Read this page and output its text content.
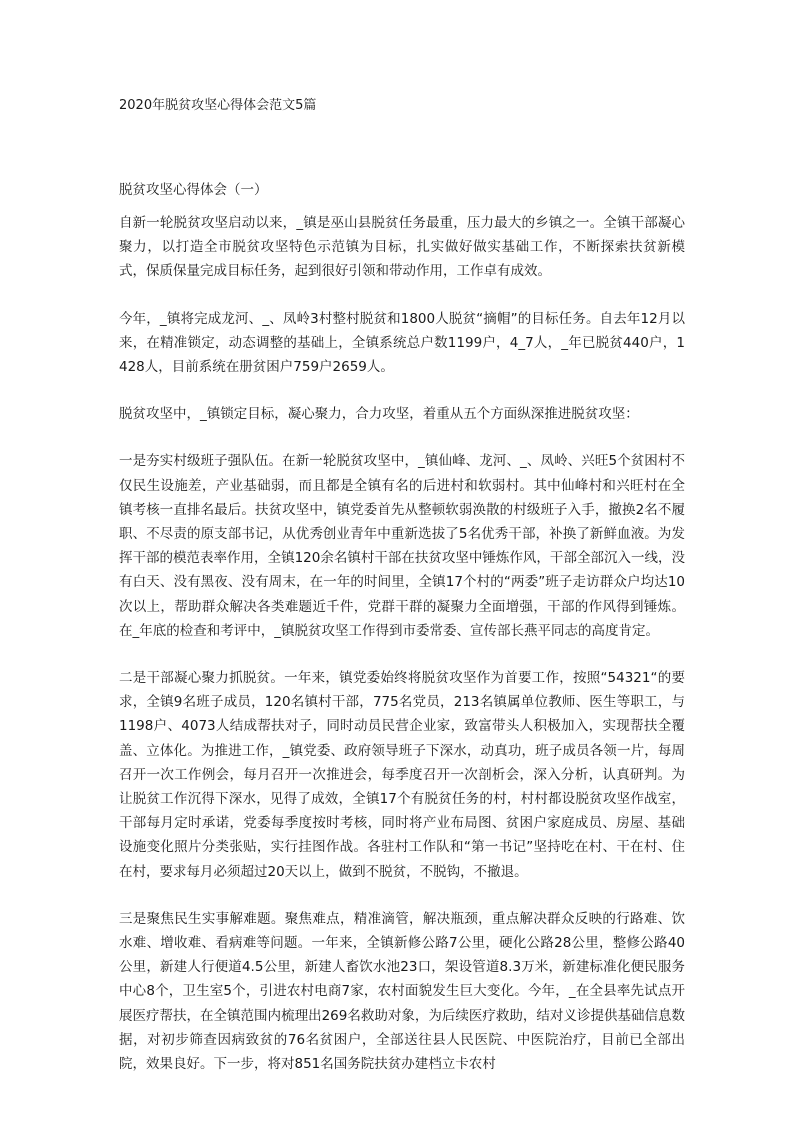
2020年脱贫攻坚心得体会范文5篇
脱贫攻坚心得体会（一）

自新一轮脱贫攻坚启动以来，_镇是巫山县脱贫任务最重，压力最大的乡镇之一。全镇干部凝心聚力，以打造全市脱贫攻坚特色示范镇为目标，扎实做好做实基础工作，不断探索扶贫新模式，保质保量完成目标任务，起到很好引领和带动作用，工作卓有成效。

今年，_镇将完成龙河、_、凤岭3村整村脱贫和1800人脱贫“摘帽”的目标任务。自去年12月以来，在精准锁定，动态调整的基础上，全镇系统总户数1199户，4_7人，_年已脱贫440户，1428人，目前系统在册贫困户759户2659人。

脱贫攻坚中，_镇锁定目标，凝心聚力，合力攻坚，着重从五个方面纵深推进脱贫攻坚：

一是夯实村级班子强队伍。在新一轮脱贫攻坚中，_镇仙峰、龙河、_、凤岭、兴旺5个贫困村不仅民生设施差，产业基础弱，而且都是全镇有名的后进村和软弱村。其中仙峰村和兴旺村在全镇考核一直排名最后。扶贫攻坚中，镇党委首先从整顿软弱涣散的村级班子入手，撤换2名不履职、不尽责的原支部书记，从优秀创业青年中重新选拔了5名优秀干部，补换了新鲜血液。为发挥干部的模范表率作用，全镇120余名镇村干部在扶贫攻坚中锤炼作风，干部全部沉入一线，没有白天、没有黑夜、没有周末，在一年的时间里，全镇17个村的“两委”班子走访群众户均达10次以上，帮助群众解决各类难题近千件，党群干群的凝聚力全面增强，干部的作风得到锤炼。在_年底的检查和考评中，_镇脱贫攻坚工作得到市委常委、宣传部长燕平同志的高度肯定。

二是干部凝心聚力抓脱贫。一年来，镇党委始终将脱贫攻坚作为首要工作，按照“54321“的要求，全镇9名班子成员，120名镇村干部，775名党员，213名镇属单位教师、医生等职工，与1198户、4073人结成帮扶对子，同时动员民营企业家，致富带头人积极加入，实现帮扶全覆盖、立体化。为推进工作，_镇党委、政府领导班子下深水，动真功，班子成员各领一片，每周召开一次工作例会，每月召开一次推进会，每季度召开一次剖析会，深入分析，认真研判。为让脱贫工作沉得下深水，见得了成效，全镇17个有脱贫任务的村，村村都设脱贫攻坚作战室，干部每月定时承诺，党委每季度按时考核，同时将产业布局图、贫困户家庭成员、房屋、基础设施变化照片分类张贴，实行挂图作战。各驻村工作队和“第一书记”坚持吃在村、干在村、住在村，要求每月必须超过20天以上，做到不脱贫，不脱钩，不撤退。

三是聚焦民生实事解难题。聚焦难点，精准滴管，解决瓶颈，重点解决群众反映的行路难、饮水难、增收难、看病难等问题。一年来，全镇新修公路7公里，硬化公路28公里，整修公路40公里，新建人行便道4.5公里，新建人畜饮水池23口，架设管道8.3万米，新建标准化便民服务中心8个，卫生室5个，引进农村电商7家，农村面貌发生巨大变化。今年，_在全县率先试点开展医疗帮扶，在全镇范围内梳理出269名救助对象，为后续医疗救助，结对义诊提供基础信息数据，对初步筛查因病致贫的76名贫困户，全部送往县人民医院、中医院治疗，目前已全部出院，效果良好。下一步，将对851名国务院扶贫办建档立卡农村
